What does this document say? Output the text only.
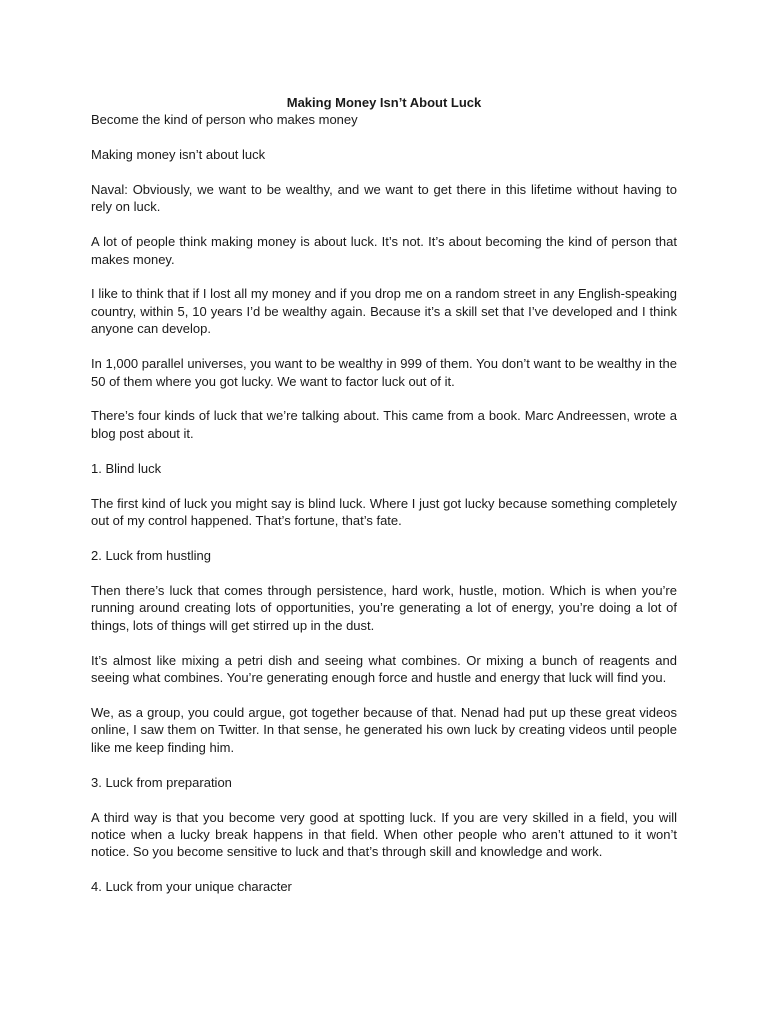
Making Money Isn’t About Luck

Become the kind of person who makes money

Making money isn’t about luck

Naval: Obviously, we want to be wealthy, and we want to get there in this lifetime without having to rely on luck.

A lot of people think making money is about luck. It’s not. It’s about becoming the kind of person that makes money.

I like to think that if I lost all my money and if you drop me on a random street in any English-speaking country, within 5, 10 years I’d be wealthy again. Because it’s a skill set that I’ve developed and I think anyone can develop.

In 1,000 parallel universes, you want to be wealthy in 999 of them. You don’t want to be wealthy in the 50 of them where you got lucky. We want to factor luck out of it.

There’s four kinds of luck that we’re talking about. This came from a book. Marc Andreessen, wrote a blog post about it.

1. Blind luck

The first kind of luck you might say is blind luck. Where I just got lucky because something completely out of my control happened. That’s fortune, that’s fate.

2. Luck from hustling

Then there’s luck that comes through persistence, hard work, hustle, motion. Which is when you’re running around creating lots of opportunities, you’re generating a lot of energy, you’re doing a lot of things, lots of things will get stirred up in the dust.

It’s almost like mixing a petri dish and seeing what combines. Or mixing a bunch of reagents and seeing what combines. You’re generating enough force and hustle and energy that luck will find you.

We, as a group, you could argue, got together because of that. Nenad had put up these great videos online, I saw them on Twitter. In that sense, he generated his own luck by creating videos until people like me keep finding him.

3. Luck from preparation

A third way is that you become very good at spotting luck. If you are very skilled in a field, you will notice when a lucky break happens in that field. When other people who aren’t attuned to it won’t notice. So you become sensitive to luck and that’s through skill and knowledge and work.

4. Luck from your unique character
